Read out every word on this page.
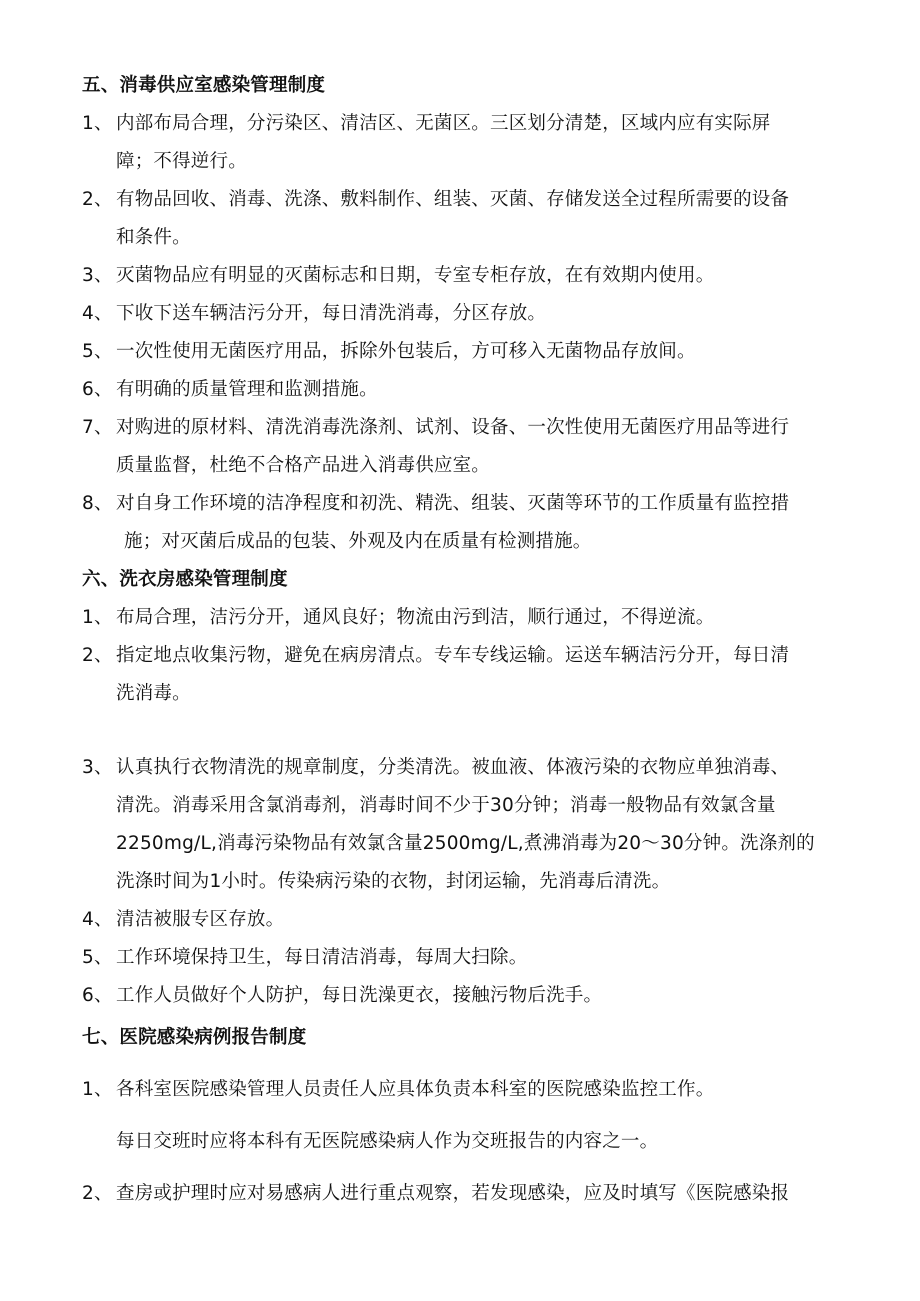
五、消毒供应室感染管理制度
1、 内部布局合理，分污染区、清洁区、无菌区。三区划分清楚，区域内应有实际屏
障；不得逆行。
2、 有物品回收、消毒、洗涤、敷料制作、组装、灭菌、存储发送全过程所需要的设备
和条件。
3、 灭菌物品应有明显的灭菌标志和日期，专室专柜存放，在有效期内使用。
4、 下收下送车辆洁污分开，每日清洗消毒，分区存放。
5、 一次性使用无菌医疗用品，拆除外包装后，方可移入无菌物品存放间。
6、 有明确的质量管理和监测措施。
7、 对购进的原材料、清洗消毒洗涤剂、试剂、设备、一次性使用无菌医疗用品等进行
质量监督，杜绝不合格产品进入消毒供应室。
8、 对自身工作环境的洁净程度和初洗、精洗、组装、灭菌等环节的工作质量有监控措
施；对灭菌后成品的包装、外观及内在质量有检测措施。
六、洗衣房感染管理制度
1、 布局合理，洁污分开，通风良好；物流由污到洁，顺行通过，不得逆流。
2、 指定地点收集污物，避免在病房清点。专车专线运输。运送车辆洁污分开，每日清
洗消毒。
3、 认真执行衣物清洗的规章制度，分类清洗。被血液、体液污染的衣物应单独消毒、
清洗。消毒采用含氯消毒剂，消毒时间不少于30分钟；消毒一般物品有效氯含量
2250mg/L,消毒污染物品有效氯含量2500mg/L,煮沸消毒为20～30分钟。洗涤剂的
洗涤时间为1小时。传染病污染的衣物，封闭运输，先消毒后清洗。
4、 清洁被服专区存放。
5、 工作环境保持卫生，每日清洁消毒，每周大扫除。
6、 工作人员做好个人防护，每日洗澡更衣，接触污物后洗手。
七、医院感染病例报告制度
1、 各科室医院感染管理人员责任人应具体负责本科室的医院感染监控工作。
每日交班时应将本科有无医院感染病人作为交班报告的内容之一。
2、 查房或护理时应对易感病人进行重点观察，若发现感染，应及时填写《医院感染报
